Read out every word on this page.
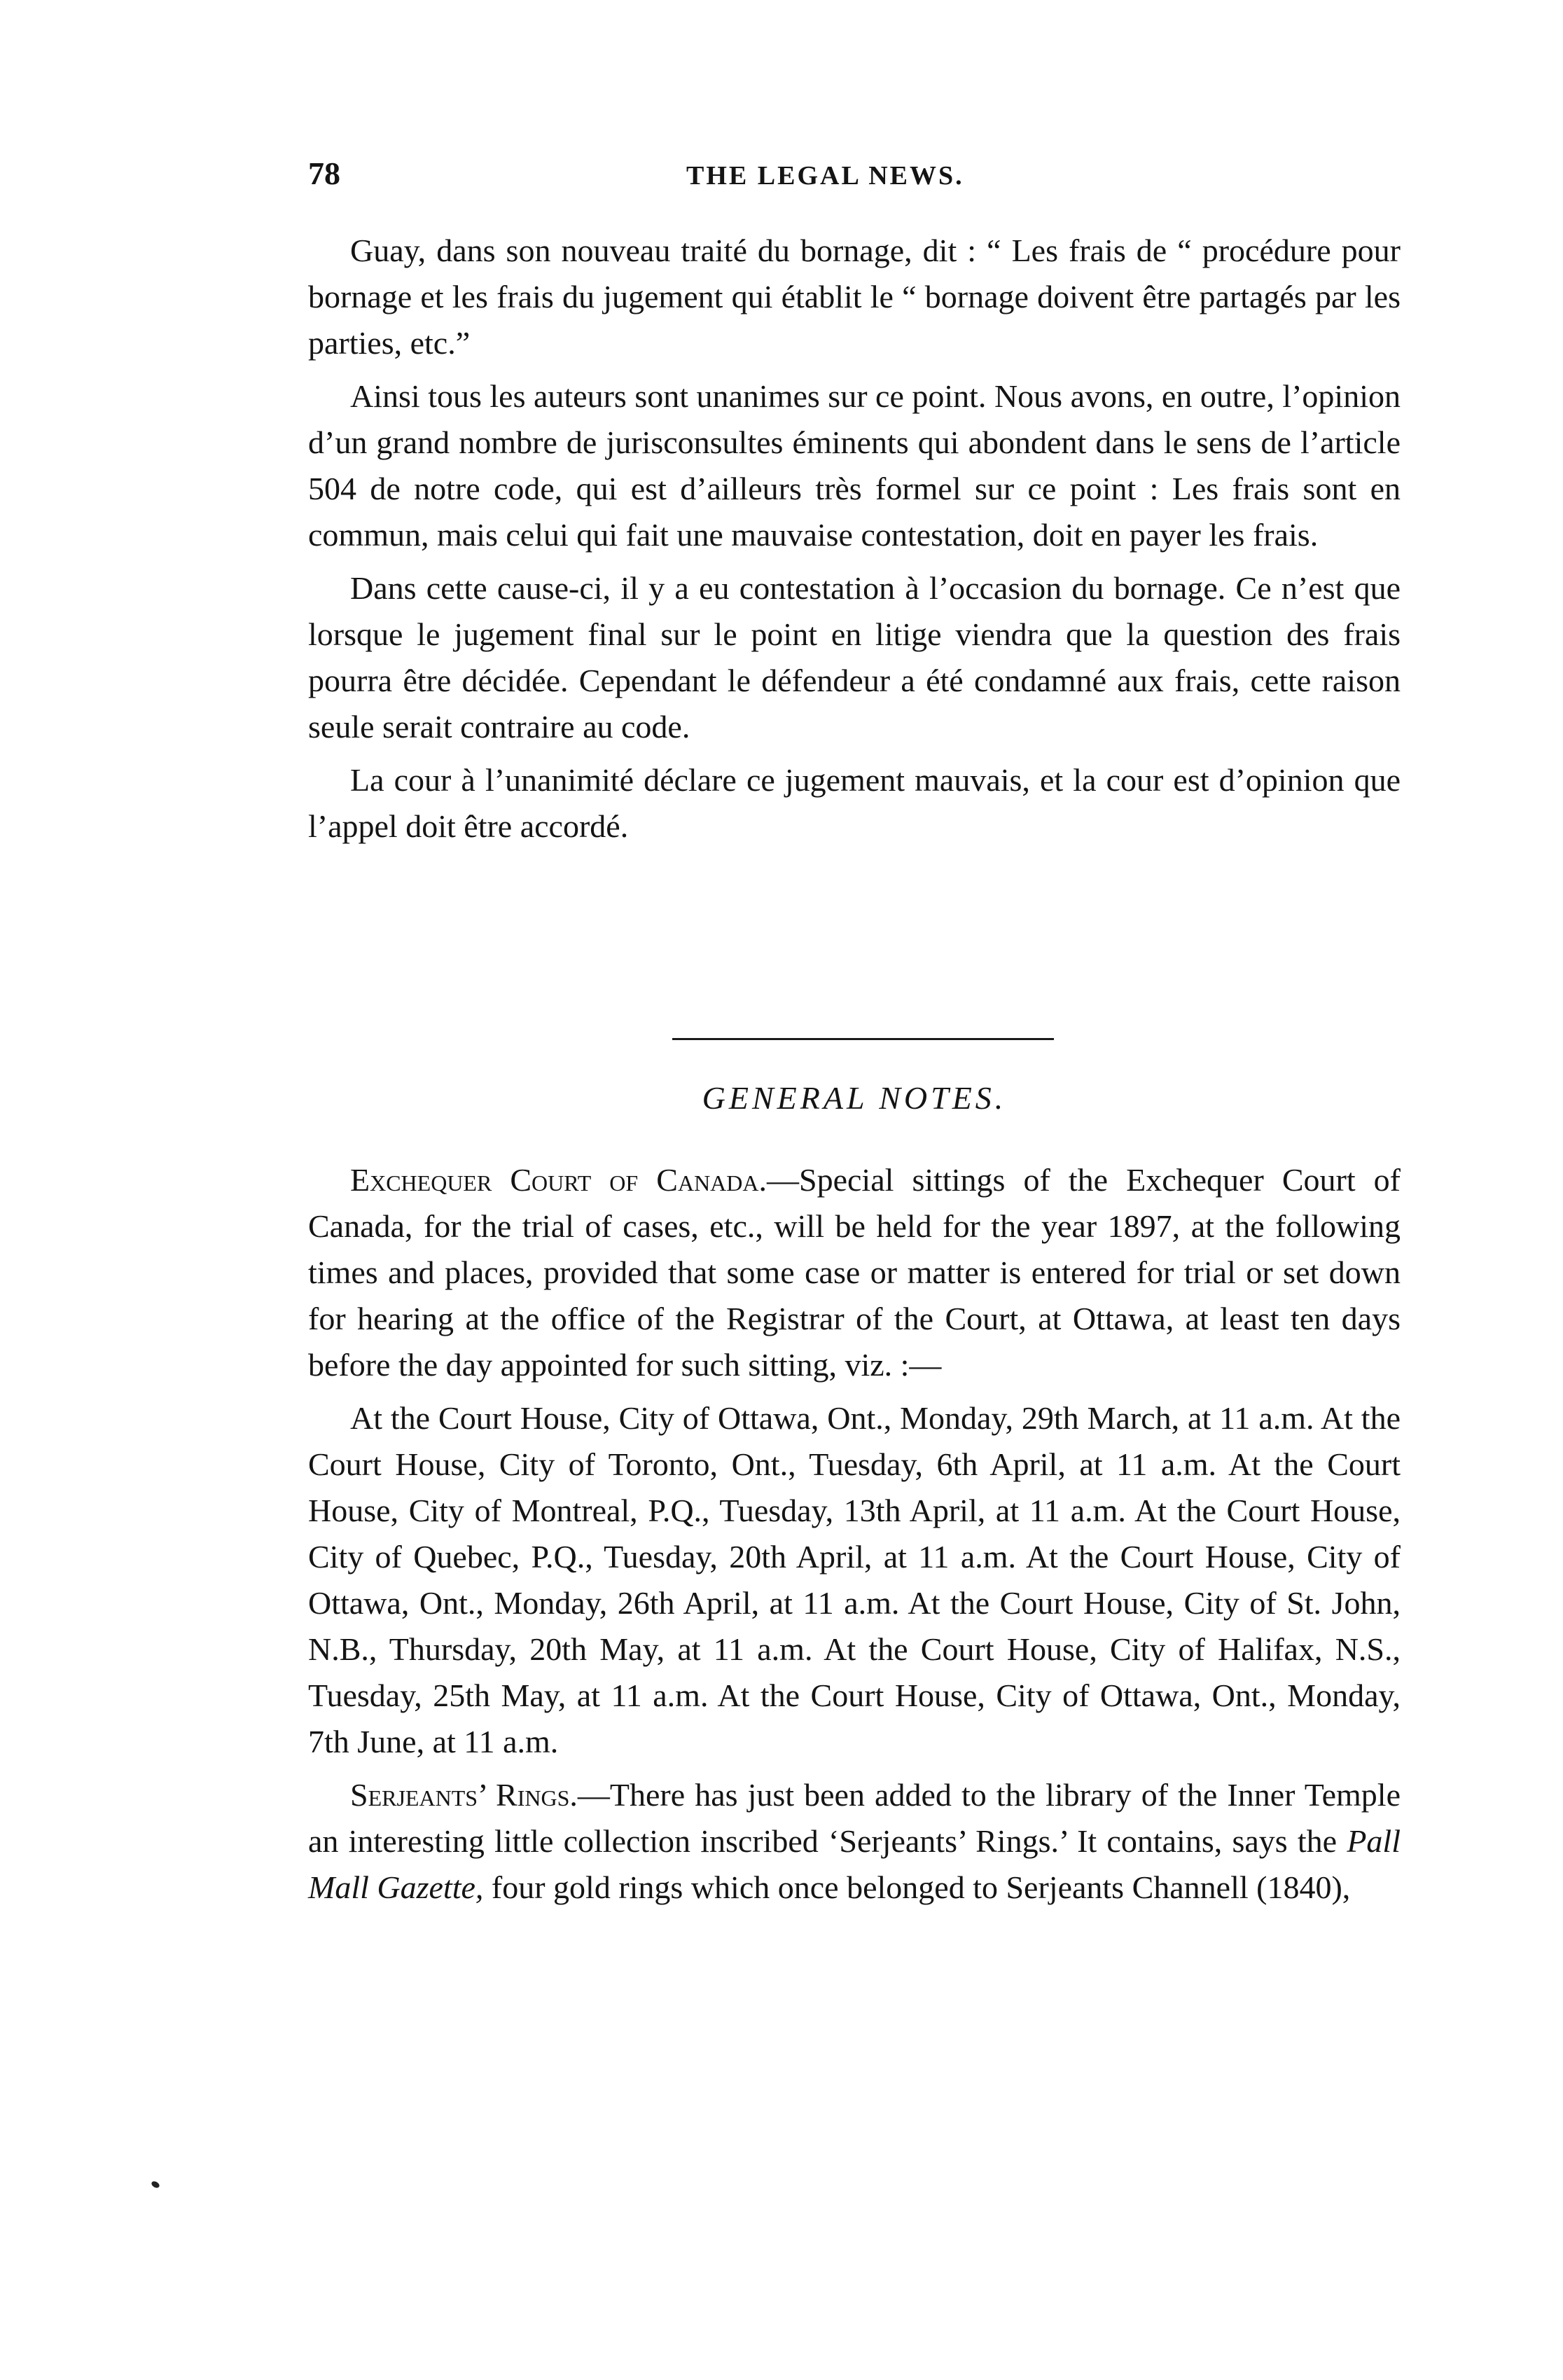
78	THE LEGAL NEWS.

Guay, dans son nouveau traité du bornage, dit : “ Les frais de “ procédure pour bornage et les frais du jugement qui établit le “ bornage doivent être partagés par les parties, etc.”

Ainsi tous les auteurs sont unanimes sur ce point. Nous avons, en outre, l’opinion d’un grand nombre de jurisconsultes éminents qui abondent dans le sens de l’article 504 de notre code, qui est d’ailleurs très formel sur ce point : Les frais sont en commun, mais celui qui fait une mauvaise contestation, doit en payer les frais.

Dans cette cause-ci, il y a eu contestation à l’occasion du bornage. Ce n’est que lorsque le jugement final sur le point en litige viendra que la question des frais pourra être décidée. Cependant le défendeur a été condamné aux frais, cette raison seule serait contraire au code.

La cour à l’unanimité déclare ce jugement mauvais, et la cour est d’opinion que l’appel doit être accordé.

GENERAL NOTES.

Exchequer Court of Canada.—Special sittings of the Exchequer Court of Canada, for the trial of cases, etc., will be held for the year 1897, at the following times and places, provided that some case or matter is entered for trial or set down for hearing at the office of the Registrar of the Court, at Ottawa, at least ten days before the day appointed for such sitting, viz. :—

At the Court House, City of Ottawa, Ont., Monday, 29th March, at 11 a.m. At the Court House, City of Toronto, Ont., Tuesday, 6th April, at 11 a.m. At the Court House, City of Montreal, P.Q., Tuesday, 13th April, at 11 a.m. At the Court House, City of Quebec, P.Q., Tuesday, 20th April, at 11 a.m. At the Court House, City of Ottawa, Ont., Monday, 26th April, at 11 a.m. At the Court House, City of St. John, N.B., Thursday, 20th May, at 11 a.m. At the Court House, City of Halifax, N.S., Tuesday, 25th May, at 11 a.m. At the Court House, City of Ottawa, Ont., Monday, 7th June, at 11 a.m.

Serjeants’ Rings.—There has just been added to the library of the Inner Temple an interesting little collection inscribed ‘Serjeants’ Rings.’ It contains, says the Pall Mall Gazette, four gold rings which once belonged to Serjeants Channell (1840),
